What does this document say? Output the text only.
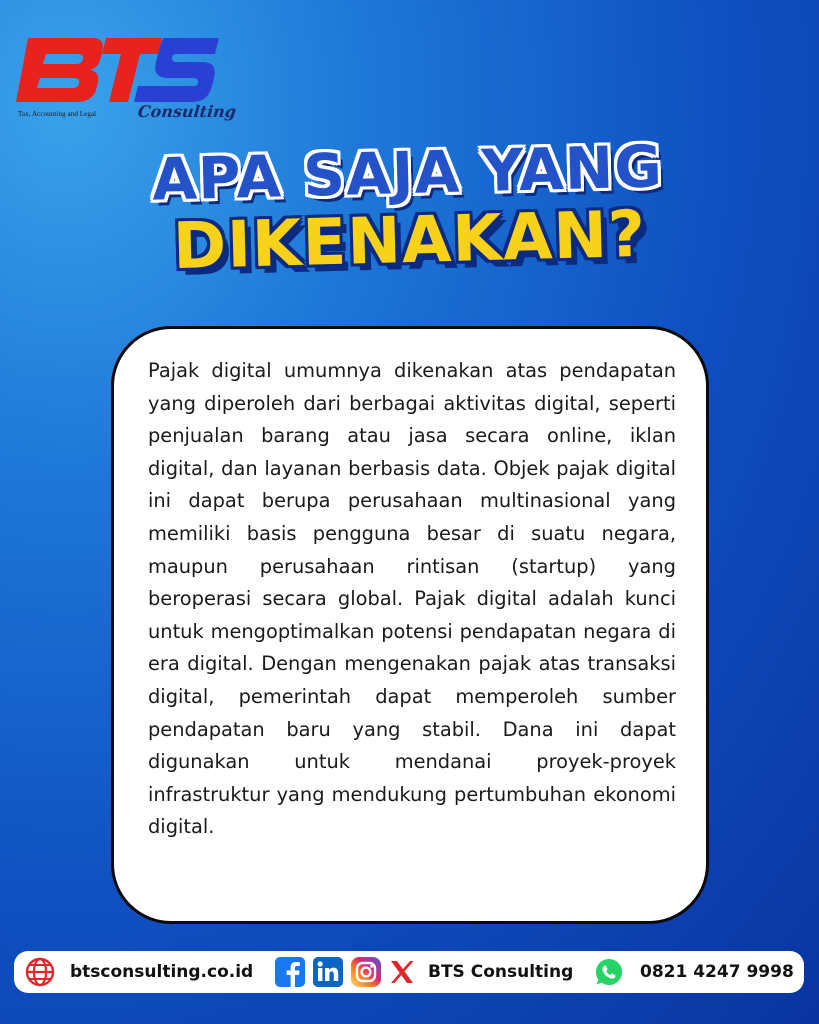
Tax, Accounting and Legal	Consulting
APA SAJA YANG
DIKENAKAN?

Pajak digital umumnya dikenakan atas pendapatan yang diperoleh dari berbagai aktivitas digital, seperti penjualan barang atau jasa secara online, iklan digital, dan layanan berbasis data. Objek pajak digital ini dapat berupa perusahaan multinasional yang memiliki basis pengguna besar di suatu negara, maupun perusahaan rintisan (startup) yang beroperasi secara global. Pajak digital adalah kunci untuk mengoptimalkan potensi pendapatan negara di era digital. Dengan mengenakan pajak atas transaksi digital, pemerintah dapat memperoleh sumber pendapatan baru yang stabil. Dana ini dapat digunakan untuk mendanai proyek-proyek infrastruktur yang mendukung pertumbuhan ekonomi digital.

btsconsulting.co.id	BTS Consulting	0821 4247 9998
